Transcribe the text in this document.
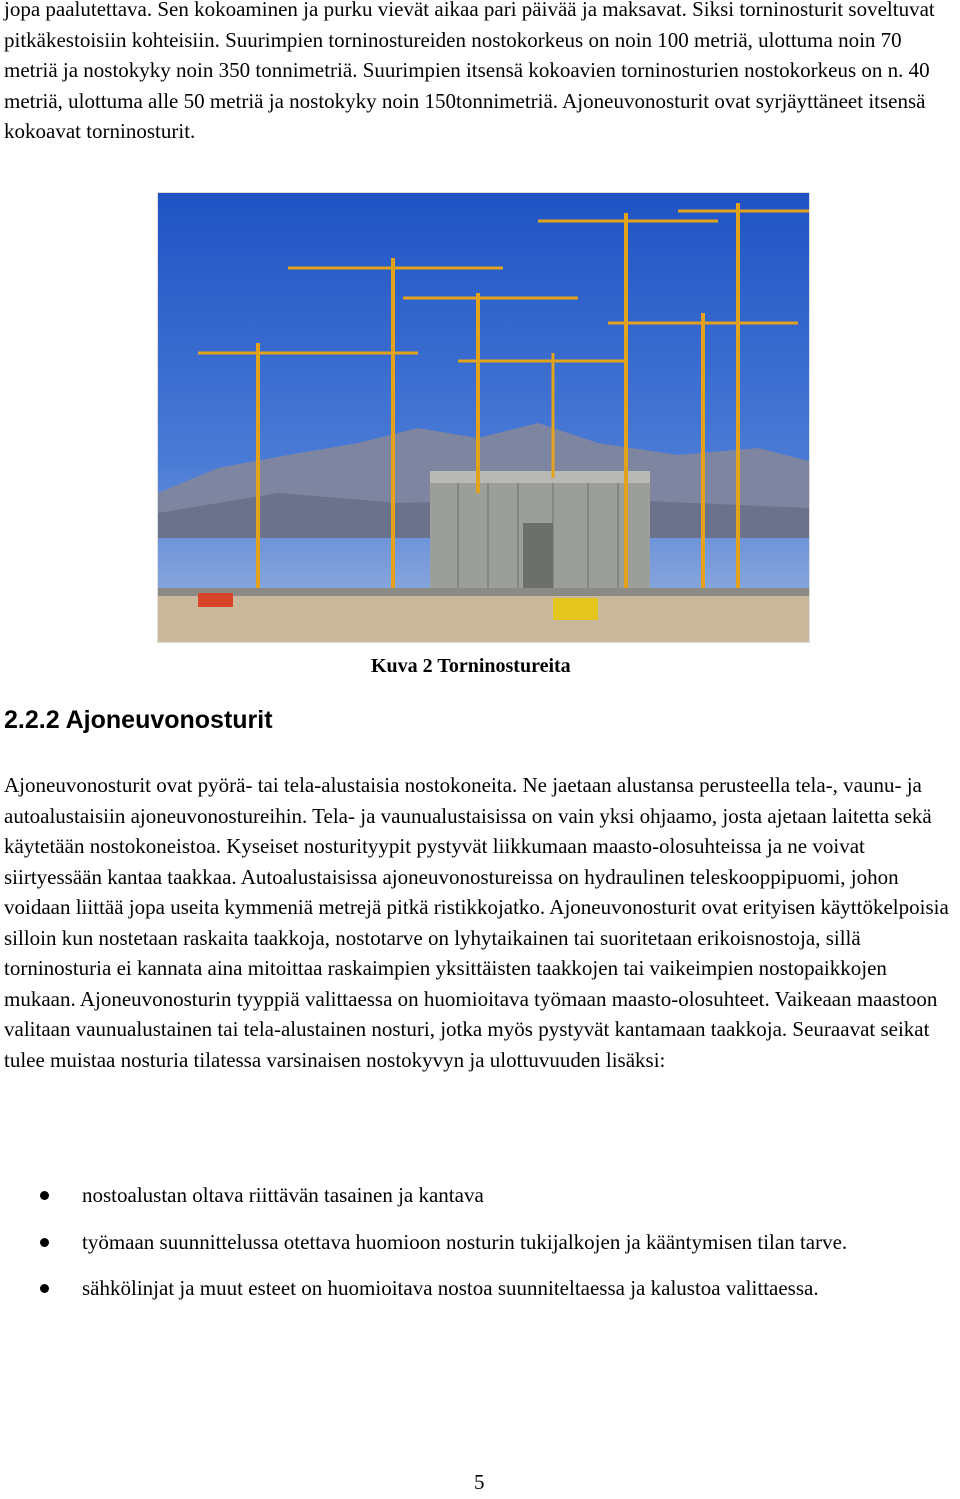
jopa paalutettava. Sen kokoaminen ja purku vievät aikaa pari päivää ja maksavat. Siksi torninosturit soveltuvat pitkäkestoisiin kohteisiin. Suurimpien torninostureiden nostokorkeus on noin 100 metriä, ulottuma noin 70 metriä ja nostokyky noin 350 tonnimetriä. Suurimpien itsensä kokoavien torninosturien nostokorkeus on n. 40 metriä, ulottuma alle 50 metriä ja nostokyky noin 150tonnimetriä. Ajoneuvonosturit ovat syrjäyttäneet itsensä kokoavat torninosturit.

Kuva 2 Torninostureita
2.2.2 Ajoneuvonosturit

Ajoneuvonosturit ovat pyörä- tai tela-alustaisia nostokoneita. Ne jaetaan alustansa perusteella tela-, vaunu- ja autoalustaisiin ajoneuvonostureihin. Tela- ja vaunualustaisissa on vain yksi ohjaamo, josta ajetaan laitetta sekä käytetään nostokoneistoa. Kyseiset nosturityypit pystyvät liikkumaan maasto-olosuhteissa ja ne voivat siirtyessään kantaa taakkaa. Autoalustaisissa ajoneuvonostureissa on hydraulinen teleskooppipuomi, johon voidaan liittää jopa useita kymmeniä metrejä pitkä ristikkojatko. Ajoneuvonosturit ovat erityisen käyttökelpoisia silloin kun nostetaan raskaita taakkoja, nostotarve on lyhytaikainen tai suoritetaan erikoisnostoja, sillä torninosturia ei kannata aina mitoittaa raskaimpien yksittäisten taakkojen tai vaikeimpien nostopaikkojen mukaan. Ajoneuvonosturin tyyppiä valittaessa on huomioitava työmaan maasto-olosuhteet. Vaikeaan maastoon valitaan vaunualustainen tai tela-alustainen nosturi, jotka myös pystyvät kantamaan taakkoja. Seuraavat seikat tulee muistaa nosturia tilatessa varsinaisen nostokyvyn ja ulottuvuuden lisäksi:

nostoalustan oltava riittävän tasainen ja kantava
työmaan suunnittelussa otettava huomioon nosturin tukijalkojen ja kääntymisen tilan tarve.
sähkölinjat ja muut esteet on huomioitava nostoa suunniteltaessa ja kalustoa valittaessa.
5
